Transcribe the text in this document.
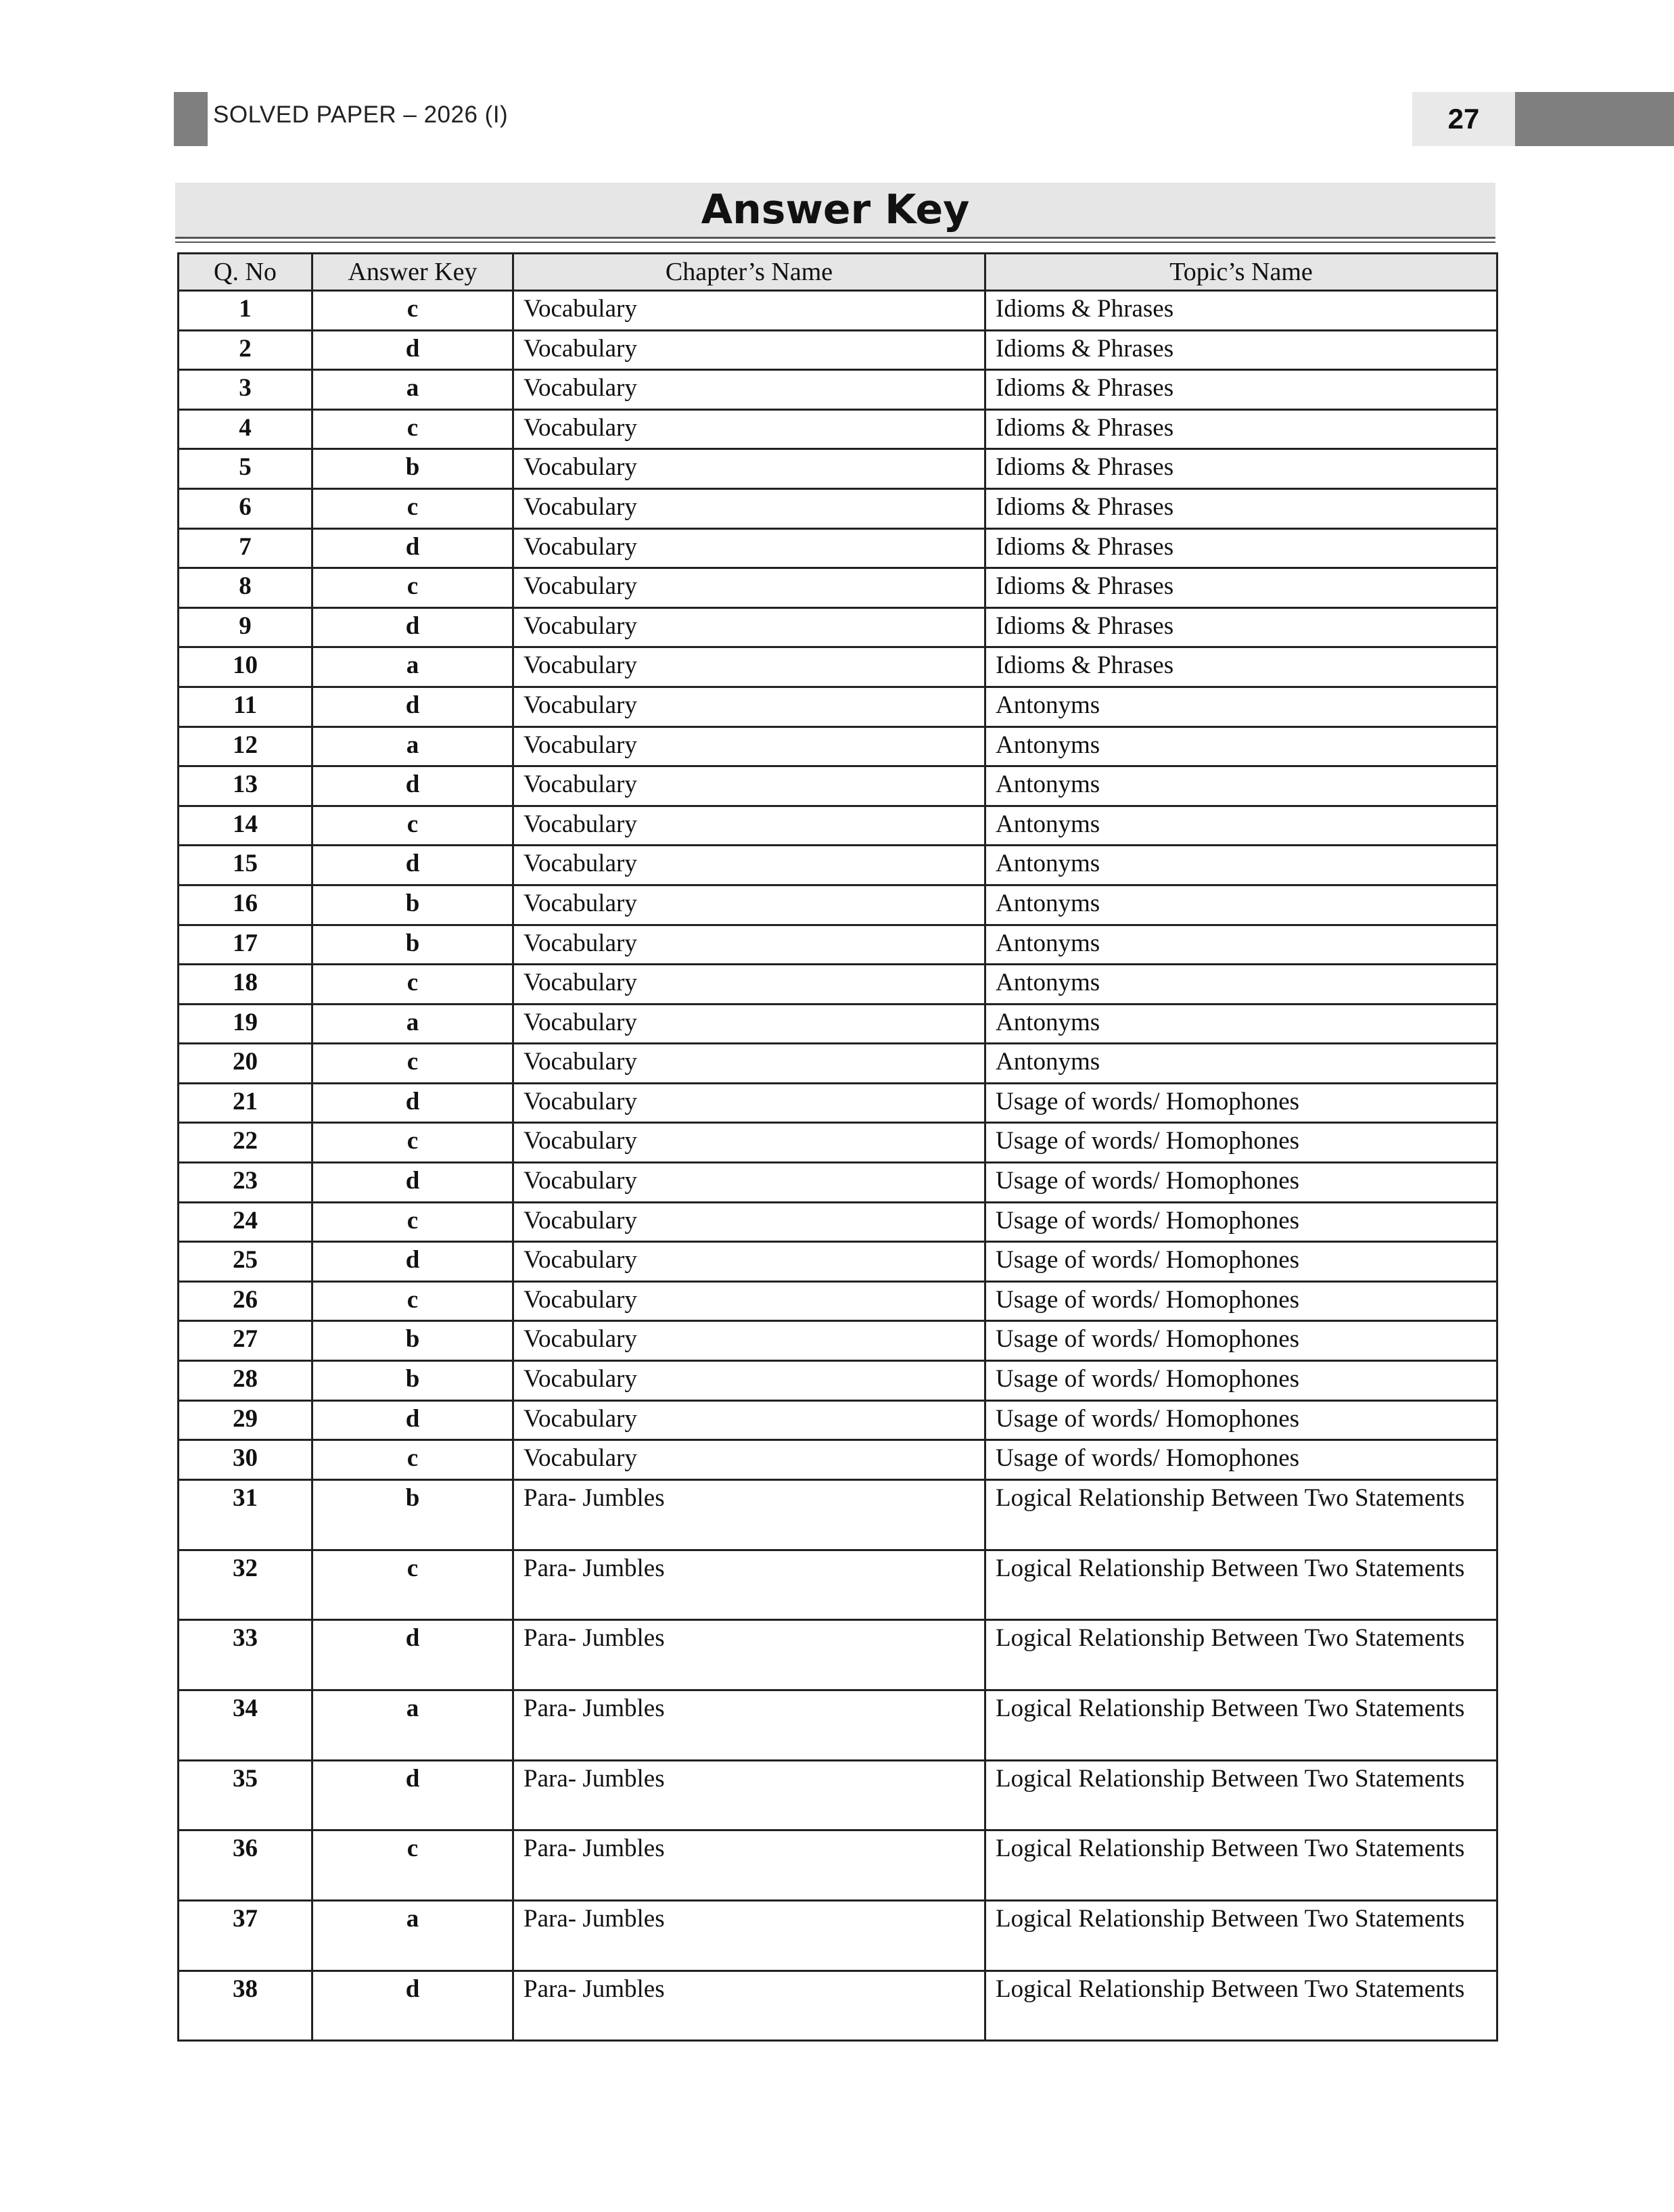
SOLVED PAPER – 2026 (I)	27
Answer Key
Q. No	Answer Key	Chapter’s Name	Topic’s Name
1	c	Vocabulary	Idioms & Phrases
2	d	Vocabulary	Idioms & Phrases
3	a	Vocabulary	Idioms & Phrases
4	c	Vocabulary	Idioms & Phrases
5	b	Vocabulary	Idioms & Phrases
6	c	Vocabulary	Idioms & Phrases
7	d	Vocabulary	Idioms & Phrases
8	c	Vocabulary	Idioms & Phrases
9	d	Vocabulary	Idioms & Phrases
10	a	Vocabulary	Idioms & Phrases
11	d	Vocabulary	Antonyms
12	a	Vocabulary	Antonyms
13	d	Vocabulary	Antonyms
14	c	Vocabulary	Antonyms
15	d	Vocabulary	Antonyms
16	b	Vocabulary	Antonyms
17	b	Vocabulary	Antonyms
18	c	Vocabulary	Antonyms
19	a	Vocabulary	Antonyms
20	c	Vocabulary	Antonyms
21	d	Vocabulary	Usage of words/ Homophones
22	c	Vocabulary	Usage of words/ Homophones
23	d	Vocabulary	Usage of words/ Homophones
24	c	Vocabulary	Usage of words/ Homophones
25	d	Vocabulary	Usage of words/ Homophones
26	c	Vocabulary	Usage of words/ Homophones
27	b	Vocabulary	Usage of words/ Homophones
28	b	Vocabulary	Usage of words/ Homophones
29	d	Vocabulary	Usage of words/ Homophones
30	c	Vocabulary	Usage of words/ Homophones
31	b	Para- Jumbles	Logical Relationship Between Two Statements
32	c	Para- Jumbles	Logical Relationship Between Two Statements
33	d	Para- Jumbles	Logical Relationship Between Two Statements
34	a	Para- Jumbles	Logical Relationship Between Two Statements
35	d	Para- Jumbles	Logical Relationship Between Two Statements
36	c	Para- Jumbles	Logical Relationship Between Two Statements
37	a	Para- Jumbles	Logical Relationship Between Two Statements
38	d	Para- Jumbles	Logical Relationship Between Two Statements
